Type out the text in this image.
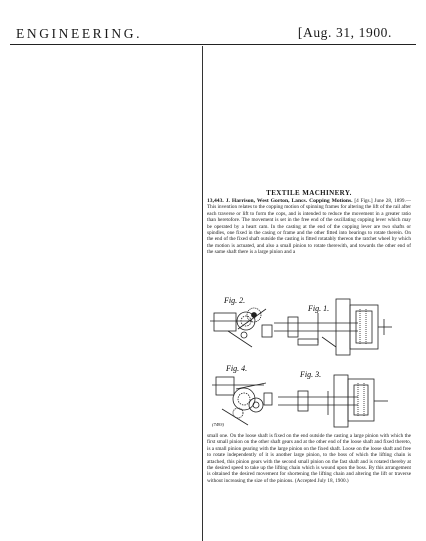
ENGINEERING.	[Aug. 31, 1900.
TEXTILE MACHINERY.
13,443. J. Harrison, West Gorton, Lancs. Copping Motions. [4 Figs.] June 28, 1899.—This invention relates to the copping motion of spinning frames for altering the lift of the rail after each traverse or lift to form the cops, and is intended to reduce the movement in a greater ratio than heretofore. The movement is set in the free end of the oscillating copping lever which may be operated by a heart cam. In the casting at the end of the copping lever are two shafts or spindles, one fixed in the casing or frame and the other fitted into bearings to rotate therein. On the end of the fixed shaft outside the casting is fitted rotatably thereon the ratchet wheel by which the motion is actuated, and also a small pinion to rotate therewith, and towards the other end of the same shaft there is a large pinion and a
Fig. 2.
Fig. 1.
Fig. 4.
Fig. 3.
(7493)
small one. On the loose shaft is fixed on the end outside the casting a large pinion with which the first small pinion on the other shaft gears and at the other end of the loose shaft and fixed thereto, is a small pinion gearing with the large pinion on the fixed shaft. Loose on the loose shaft and free to rotate independently of it is another large pinion, to the boss of which the lifting chain is attached, this pinion gears with the second small pinion on the fast shaft and is rotated thereby at the desired speed to take up the lifting chain which is wound upon the boss. By this arrangement is obtained the desired movement for shortening the lifting chain and altering the lift or traverse without increasing the size of the pinions. (Accepted July 18, 1900.)
